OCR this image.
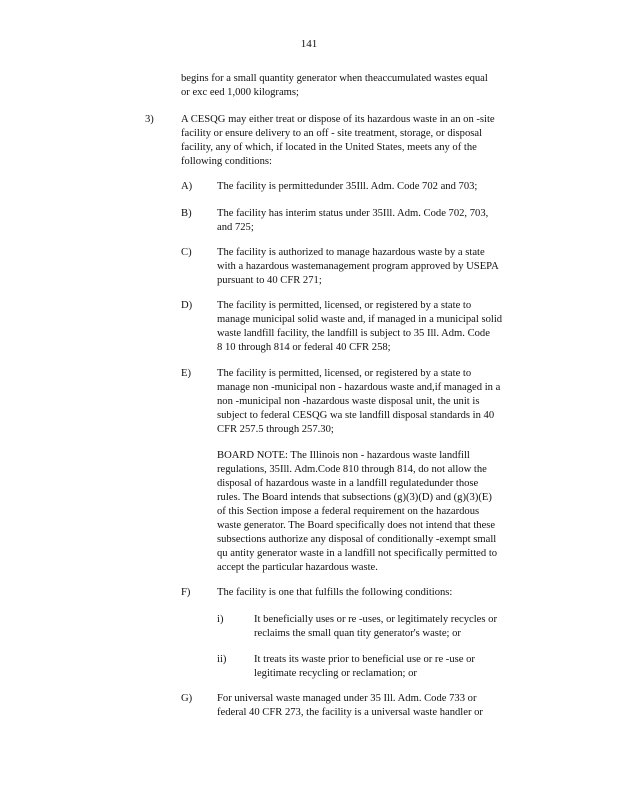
141
begins for a small quantity generator when theaccumulated wastes equal
or exc eed 1,000 kilograms;
3)	A CESQG may either treat or dispose of its hazardous waste in an on -site
facility or ensure delivery to an off - site treatment, storage, or disposal
facility, any of which, if located in the United States, meets any of the
following conditions:
A) The facility is permittedunder 35Ill. Adm. Code 702 and 703;
B) The facility has interim status under 35Ill. Adm. Code 702, 703,
and 725;
C) The facility is authorized to manage hazardous waste by a state
with a hazardous wastemanagement program approved by USEPA
pursuant to 40 CFR 271;
D) The facility is permitted, licensed, or registered by a state to
manage municipal solid waste and, if managed in a municipal solid
waste landfill facility, the landfill is subject to 35 Ill. Adm. Code
8 10 through 814 or federal 40 CFR 258;
E) The facility is permitted, licensed, or registered by a state to
manage non -municipal non - hazardous waste and,if managed in a
non -municipal non -hazardous waste disposal unit, the unit is
subject to federal CESQG wa ste landfill disposal standards in 40
CFR 257.5 through 257.30;
BOARD NOTE: The Illinois non - hazardous waste landfill
regulations, 35Ill. Adm.Code 810 through 814, do not allow the
disposal of hazardous waste in a landfill regulatedunder those
rules. The Board intends that subsections (g)(3)(D) and (g)(3)(E)
of this Section impose a federal requirement on the hazardous
waste generator. The Board specifically does not intend that these
subsections authorize any disposal of conditionally -exempt small
qu antity generator waste in a landfill not specifically permitted to
accept the particular hazardous waste.
F)	The facility is one that fulfills the following conditions:
i)	It beneficially uses or re -uses, or legitimately recycles or
reclaims the small quan tity generator's waste; or
ii)	It treats its waste prior to beneficial use or re -use or
legitimate recycling or reclamation; or
G) For universal waste managed under 35 Ill. Adm. Code 733 or
federal 40 CFR 273, the facility is a universal waste handler or
